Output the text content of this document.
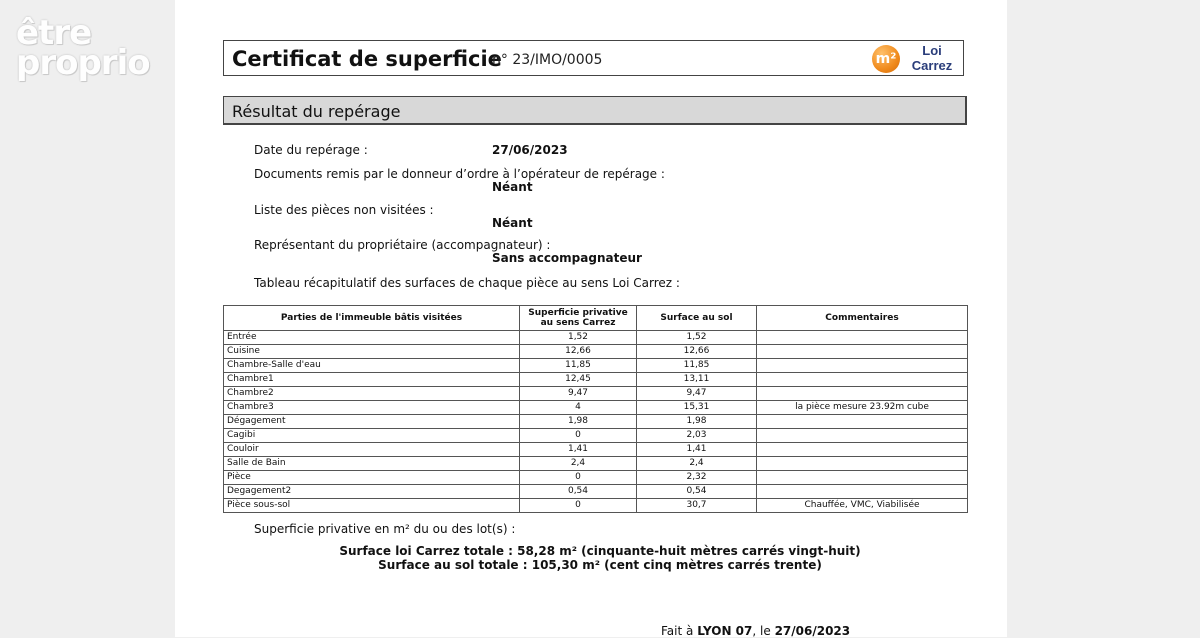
être
proprio	Certificat de superficie
n° 23/IMO/0005	m²
Loi
Carrez
Résultat du repérage
Date du repérage :	27/06/2023
Documents remis par le donneur d’ordre à l’opérateur de repérage :
Néant
Liste des pièces non visitées :
Néant
Représentant du propriétaire (accompagnateur) :
Sans accompagnateur
Tableau récapitulatif des surfaces de chaque pièce au sens Loi Carrez :
Parties de l'immeuble bâtis visitées	Superficie privative au sens Carrez	Surface au sol	Commentaires
Entrée	1,52	1,52	
Cuisine	12,66	12,66	
Chambre-Salle d'eau	11,85	11,85	
Chambre1	12,45	13,11	
Chambre2	9,47	9,47	
Chambre3	4	15,31	la pièce mesure 23.92m cube
Dégagement	1,98	1,98	
Cagibi	0	2,03	
Couloir	1,41	1,41	
Salle de Bain	2,4	2,4	
Pièce	0	2,32	
Degagement2	0,54	0,54	
Pièce sous-sol	0	30,7	Chauffée, VMC, Viabilisée
Superficie privative en m² du ou des lot(s) :
Surface loi Carrez totale : 58,28 m² (cinquante-huit mètres carrés vingt-huit)
Surface au sol totale : 105,30 m² (cent cinq mètres carrés trente)
Fait à LYON 07, le 27/06/2023
